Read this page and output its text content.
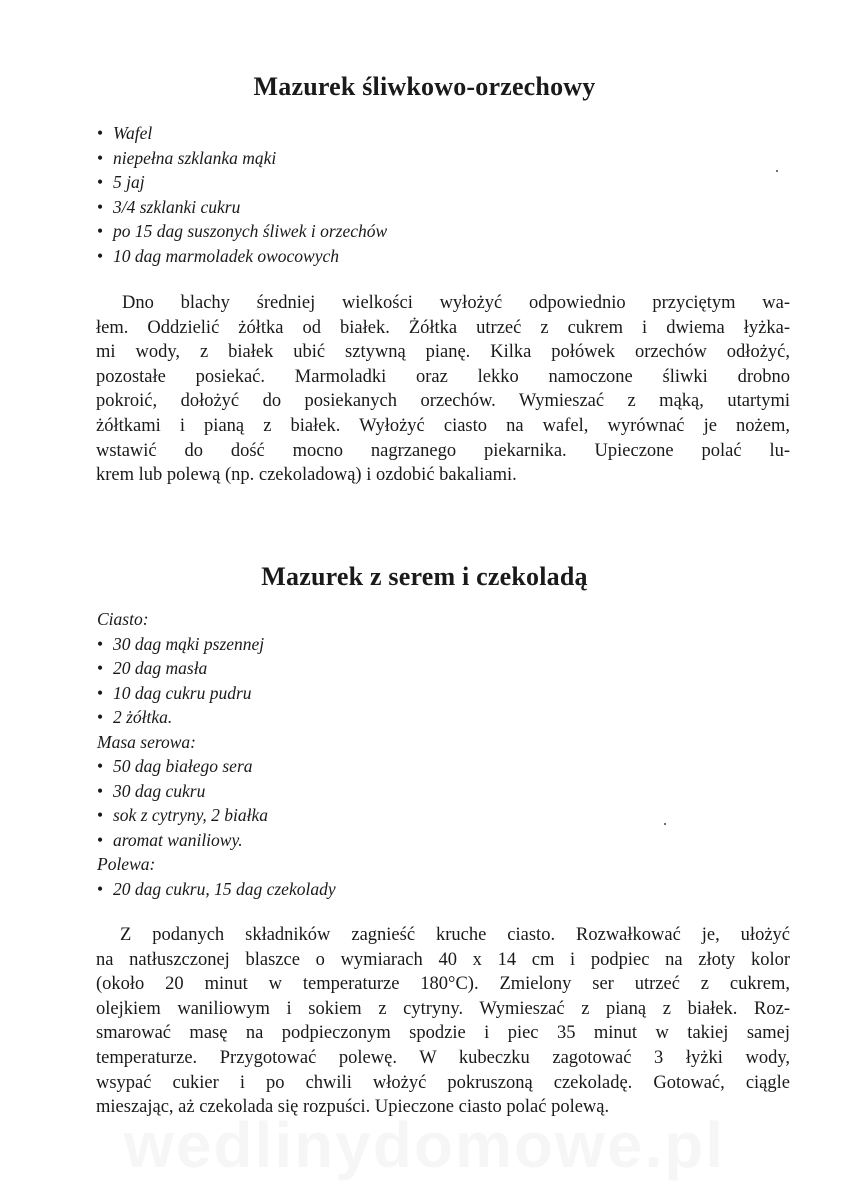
Mazurek śliwkowo-orzechowy
• Wafel
• niepełna szklanka mąki
• 5 jaj
• 3/4 szklanki cukru
• po 15 dag suszonych śliwek i orzechów
• 10 dag marmoladek owocowych
Dno blachy średniej wielkości wyłożyć odpowiednio przyciętym wa-
łem. Oddzielić żółtka od białek. Żółtka utrzeć z cukrem i dwiema łyżka-
mi wody, z białek ubić sztywną pianę. Kilka połówek orzechów odłożyć,
pozostałe posiekać. Marmoladki oraz lekko namoczone śliwki drobno
pokroić, dołożyć do posiekanych orzechów. Wymieszać z mąką, utartymi
żółtkami i pianą z białek. Wyłożyć ciasto na wafel, wyrównać je nożem,
wstawić do dość mocno nagrzanego piekarnika. Upieczone polać lu-
krem lub polewą (np. czekoladową) i ozdobić bakaliami.
Mazurek z serem i czekoladą
Ciasto:
• 30 dag mąki pszennej
• 20 dag masła
• 10 dag cukru pudru
• 2 żółtka.
Masa serowa:
• 50 dag białego sera
• 30 dag cukru
• sok z cytryny, 2 białka
• aromat waniliowy.
Polewa:
• 20 dag cukru, 15 dag czekolady
Z podanych składników zagnieść kruche ciasto. Rozwałkować je, ułożyć
na natłuszczonej blaszce o wymiarach 40 x 14 cm i podpiec na złoty kolor
(około 20 minut w temperaturze 180°C). Zmielony ser utrzeć z cukrem,
olejkiem waniliowym i sokiem z cytryny. Wymieszać z pianą z białek. Roz-
smarować masę na podpieczonym spodzie i piec 35 minut w takiej samej
temperaturze. Przygotować polewę. W kubeczku zagotować 3 łyżki wody,
wsypać cukier i po chwili włożyć pokruszoną czekoladę. Gotować, ciągle
mieszając, aż czekolada się rozpuści. Upieczone ciasto polać polewą.
